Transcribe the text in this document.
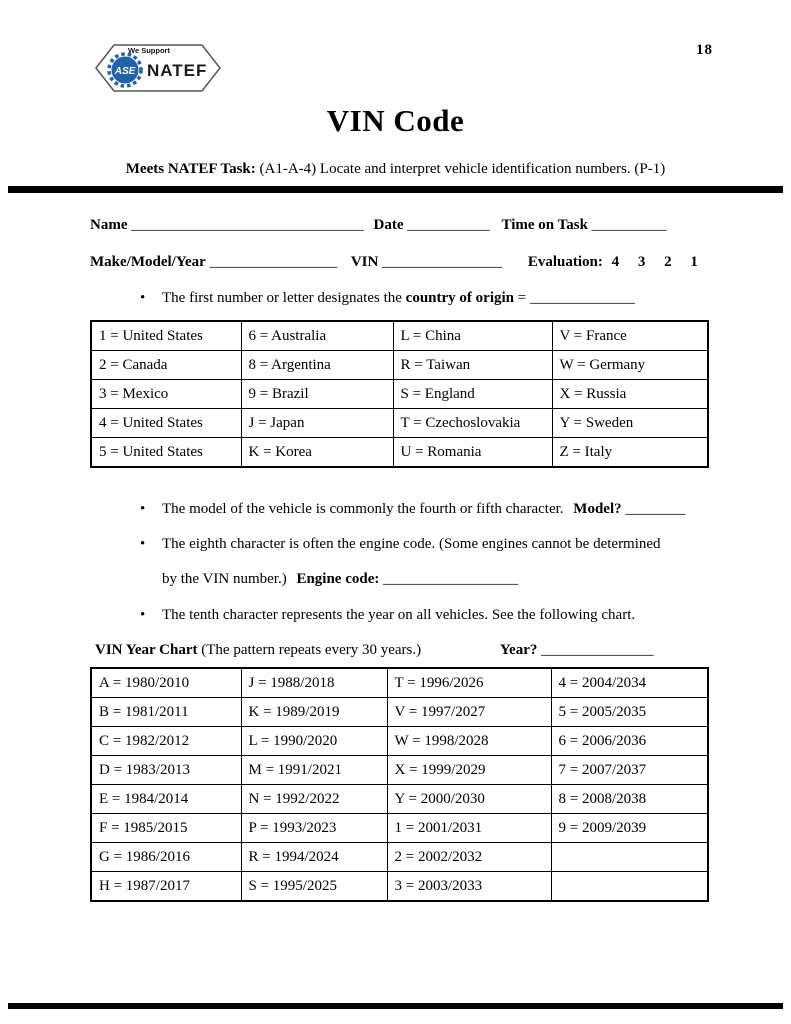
We Support
ASE NATEF
18
VIN Code
Meets NATEF Task: (A1-A-4) Locate and interpret vehicle identification numbers. (P-1)
Name _______________________________ Date ___________ Time on Task __________
Make/Model/Year _________________ VIN ________________ Evaluation: 4 3 2 1
• The first number or letter designates the country of origin = ______________
1 = United States	6 = Australia	L = China	V = France
2 = Canada	8 = Argentina	R = Taiwan	W = Germany
3 = Mexico	9 = Brazil	S = England	X = Russia
4 = United States	J = Japan	T = Czechoslovakia	Y = Sweden
5 = United States	K = Korea	U = Romania	Z = Italy
• The model of the vehicle is commonly the fourth or fifth character. Model? ________
• The eighth character is often the engine code. (Some engines cannot be determined
by the VIN number.) Engine code: __________________
• The tenth character represents the year on all vehicles. See the following chart.
VIN Year Chart (The pattern repeats every 30 years.)	Year? _______________
A = 1980/2010	J = 1988/2018	T = 1996/2026	4 = 2004/2034
B = 1981/2011	K = 1989/2019	V = 1997/2027	5 = 2005/2035
C = 1982/2012	L = 1990/2020	W = 1998/2028	6 = 2006/2036
D = 1983/2013	M = 1991/2021	X = 1999/2029	7 = 2007/2037
E = 1984/2014	N = 1992/2022	Y = 2000/2030	8 = 2008/2038
F = 1985/2015	P = 1993/2023	1 = 2001/2031	9 = 2009/2039
G = 1986/2016	R = 1994/2024	2 = 2002/2032	
H = 1987/2017	S = 1995/2025	3 = 2003/2033	
